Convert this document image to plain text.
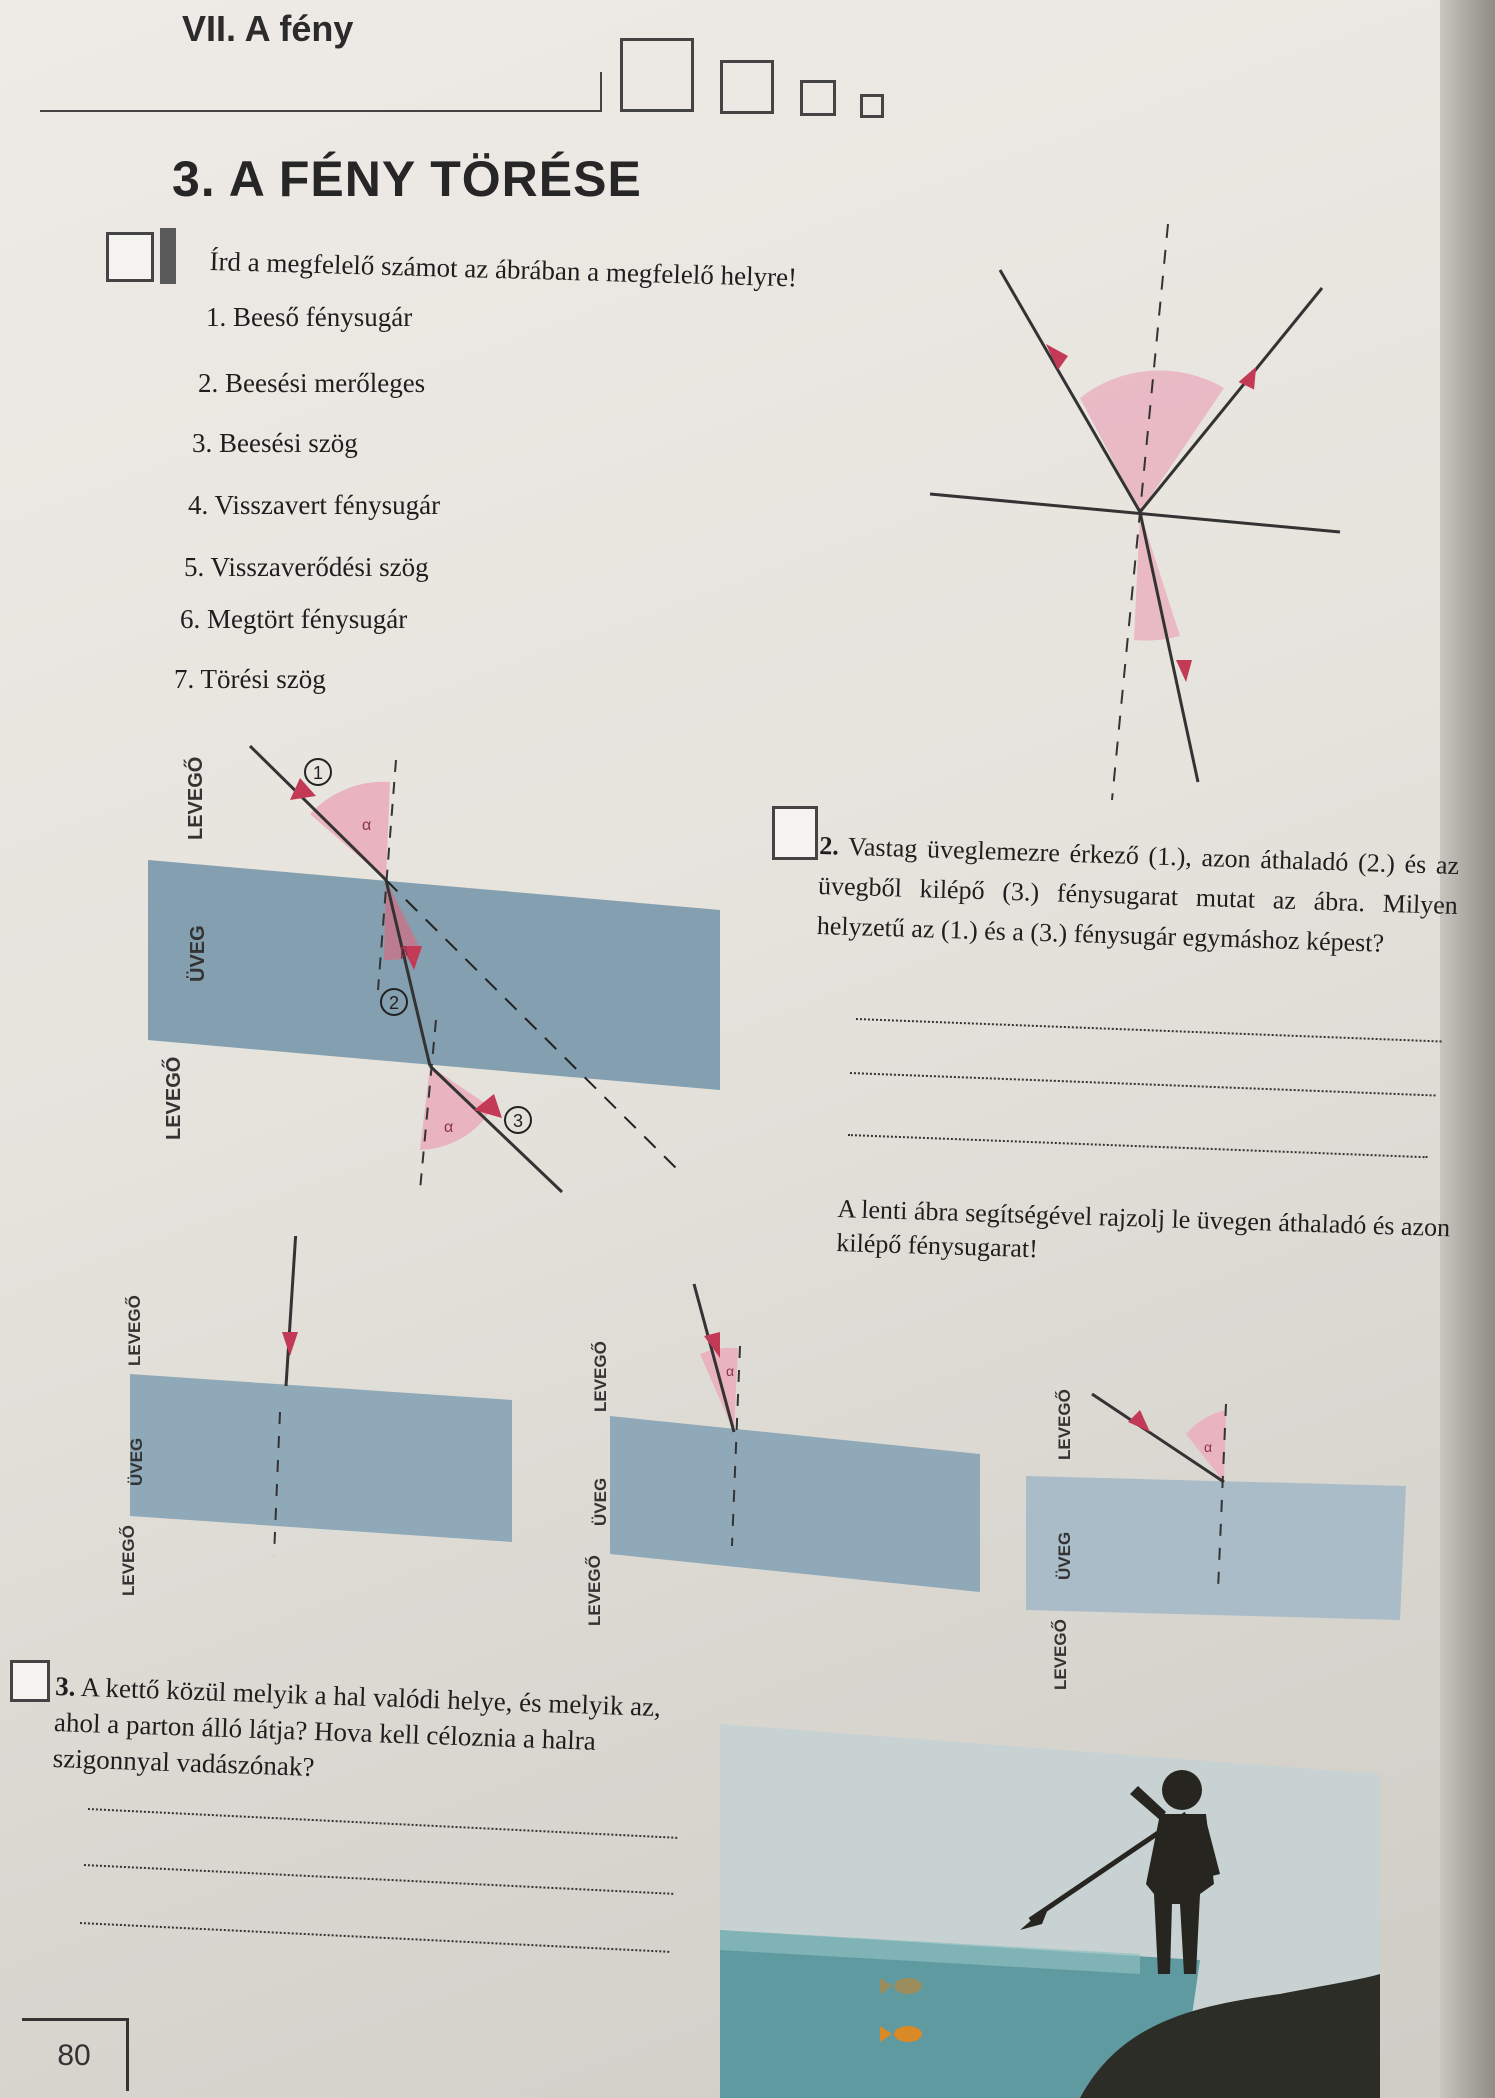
VII. A fény
3. A FÉNY TÖRÉSE
Írd a megfelelő számot az ábrában a megfelelő helyre!
1. Beeső fénysugár
2. Beesési merőleges
3. Beesési szög
4. Visszavert fénysugár
5. Visszaverődési szög
6. Megtört fénysugár
7. Törési szög
1
2
3
α
β
α
LEVEGŐ
ÜVEG
LEVEGŐ
2. Vastag üveglemezre érkező (1.), azon áthaladó (2.) és az üvegből kilépő (3.) fénysugarat mutat az ábra. Milyen helyzetű az (1.) és a (3.) fénysugár egymáshoz képest?
A lenti ábra segítségével rajzolj le üvegen áthaladó és azon kilépő fénysugarat!
LEVEGŐ
ÜVEG
LEVEGŐ
α
LEVEGŐ
ÜVEG
LEVEGŐ
α
LEVEGŐ
ÜVEG
LEVEGŐ
3. A kettő közül melyik a hal valódi helye, és melyik az, ahol a parton álló látja? Hova kell céloznia a halra szigonnyal vadászónak?
80
